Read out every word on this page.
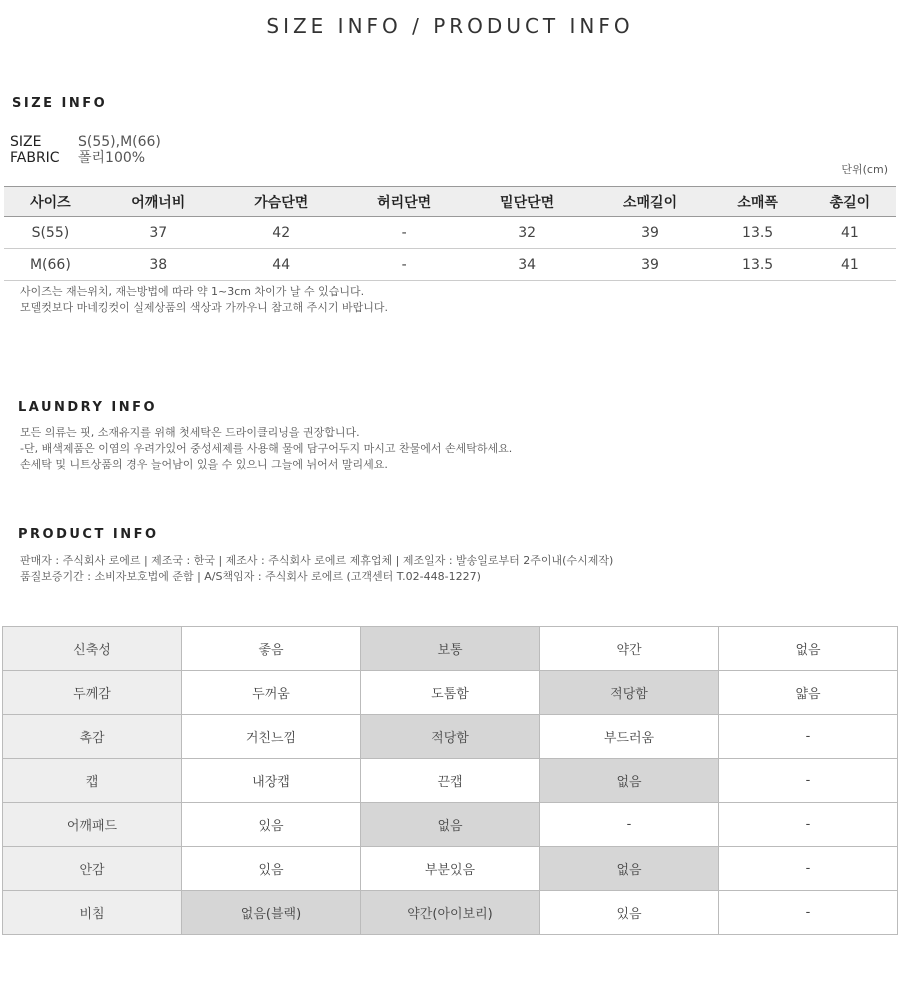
SIZE INFO / PRODUCT INFO
SIZE INFO
SIZE	S(55),M(66)
FABRIC 폴리100%
단위(cm)
사이즈	어깨너비	가슴단면	허리단면	밑단단면	소매길이	소매폭	총길이
S(55)	37	42	-	32	39	13.5	41
M(66)	38	44	-	34	39	13.5	41
사이즈는 재는위치, 재는방법에 따라 약 1~3cm 차이가 날 수 있습니다.
모델컷보다 마네킹컷이 실제상품의 색상과 가까우니 참고해 주시기 바랍니다.
LAUNDRY INFO
모든 의류는 핏, 소재유지를 위해 첫세탁은 드라이클리닝을 권장합니다.
-단, 배색제품은 이염의 우려가있어 중성세제를 사용해 물에 담구어두지 마시고 찬물에서 손세탁하세요.
손세탁 및 니트상품의 경우 늘어남이 있을 수 있으니 그늘에 뉘어서 말리세요.
PRODUCT INFO
판매자 : 주식회사 로에르 | 제조국 : 한국 | 제조사 : 주식회사 로에르 제휴업체 | 제조일자 : 발송일로부터 2주이내(수시제작)
품질보증기간 : 소비자보호법에 준함 | A/S책임자 : 주식회사 로에르 (고객센터 T.02-448-1227)
신축성	좋음	보통	약간	없음
두께감	두꺼움	도톰함	적당함	얇음
촉감	거친느낌	적당함	부드러움	-
캡	내장캡	끈캡	없음	-
어깨패드	있음	없음	-	-
안감	있음	부분있음	없음	-
비침	없음(블랙)	약간(아이보리)	있음	-
